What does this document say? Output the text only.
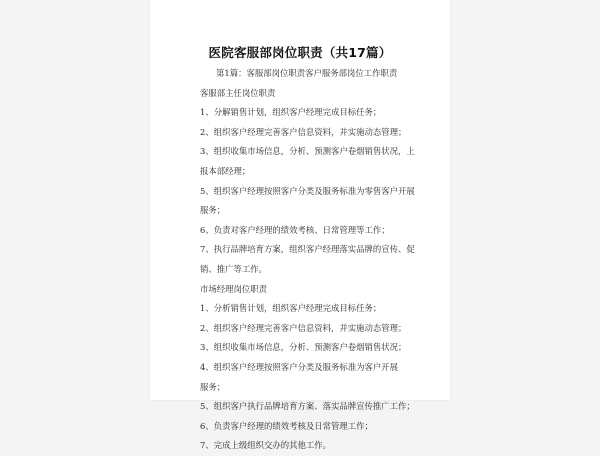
医院客服部岗位职责（共17篇）
第1篇：客服部岗位职责客户服务部岗位工作职责
客服部主任岗位职责
1、分解销售计划，组织客户经理完成目标任务；
2、组织客户经理完善客户信息资料，并实施动态管理；
3、组织收集市场信息，分析、预测客户卷烟销售状况，上
报本部经理；
5、组织客户经理按照客户分类及服务标准为零售客户开展
服务；
6、负责对客户经理的绩效考核、日常管理等工作；
7、执行品牌培育方案，组织客户经理落实品牌的宣传、促
销、推广等工作。
市场经理岗位职责
1、分析销售计划，组织客户经理完成目标任务；
2、组织客户经理完善客户信息资料，并实施动态管理；
3、组织收集市场信息，分析、预测客户卷烟销售状况；
4、组织客户经理按照客户分类及服务标准为客户开展
服务；
5、组织客户执行品牌培育方案、落实品牌宣传推广工作；
6、负责客户经理的绩效考核及日常管理工作；
7、完成上级组织交办的其他工作。
